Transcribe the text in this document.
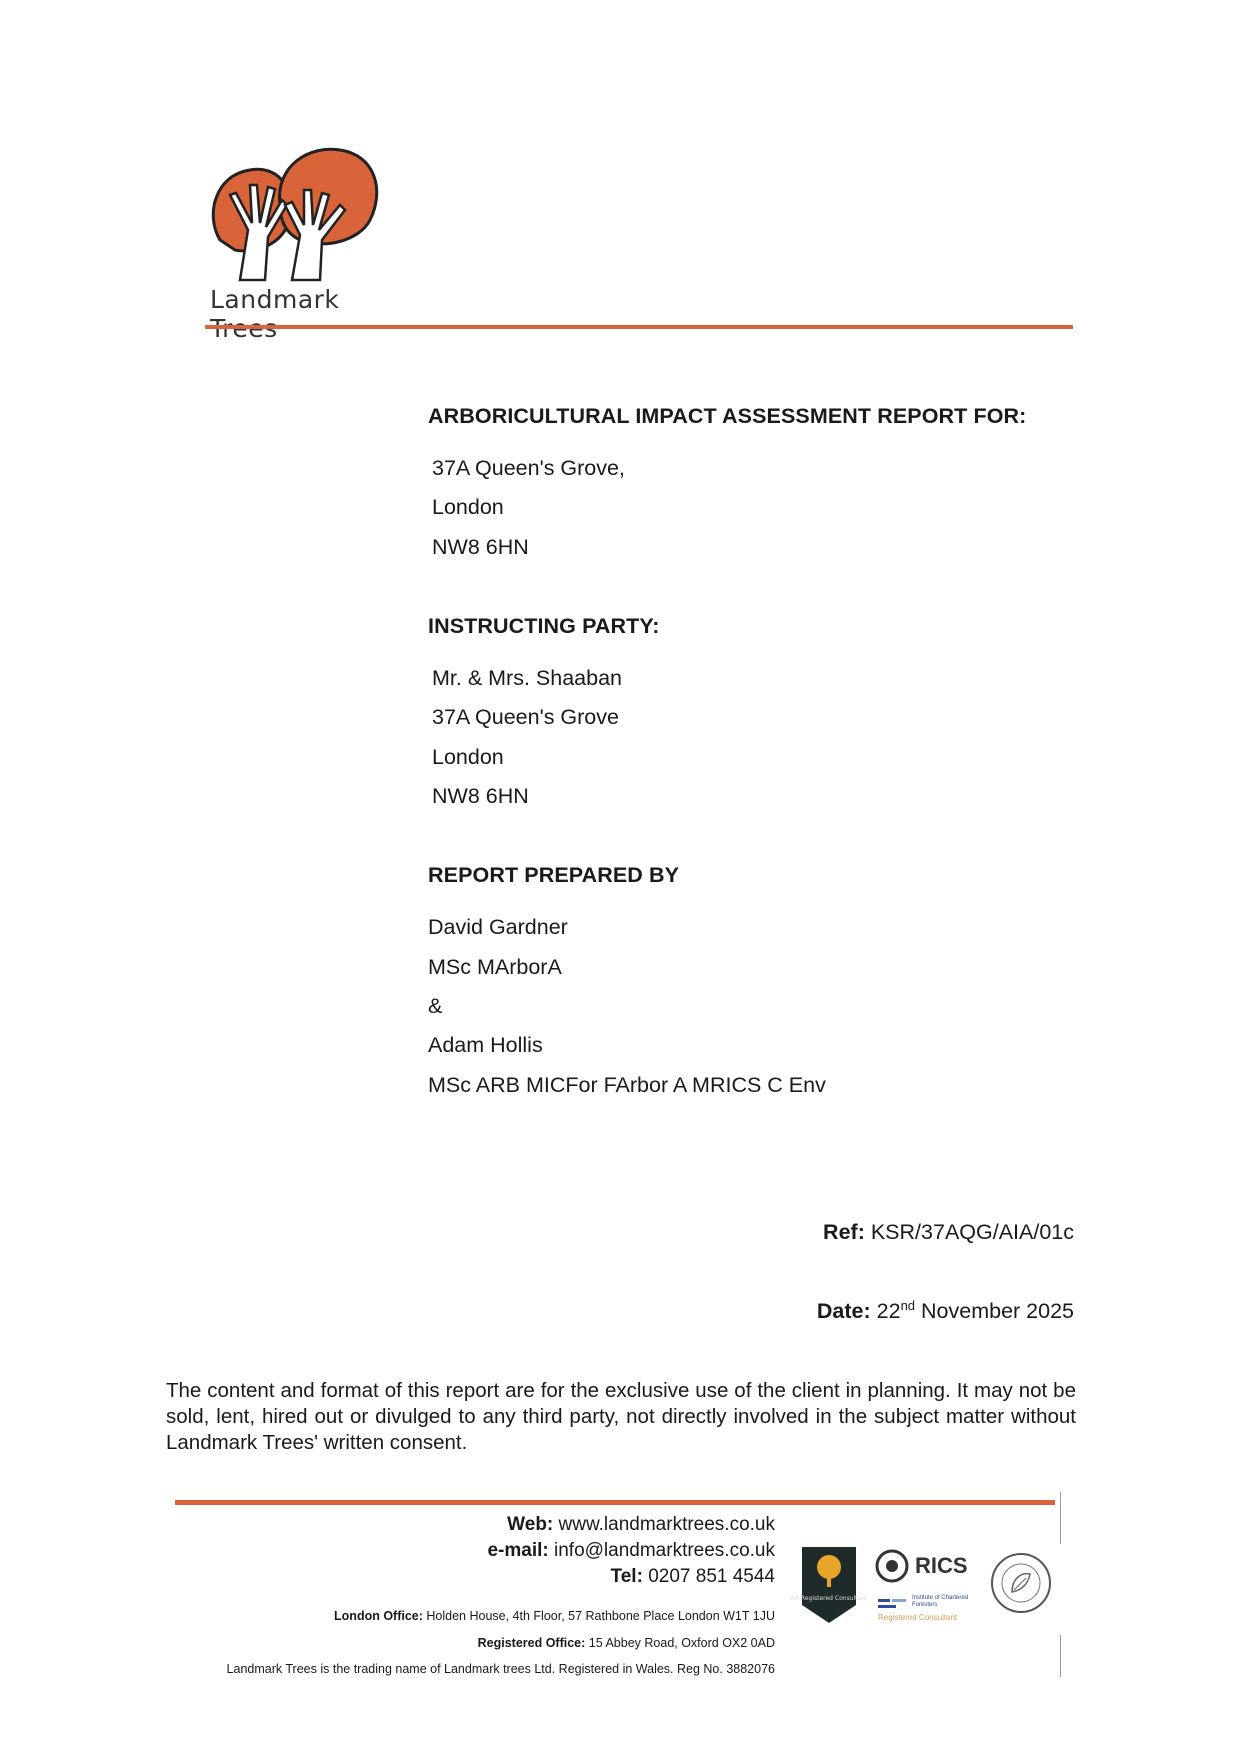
Landmark
ARBORICULTURAL IMPACT ASSESSMENT REPORT FOR:
37A Queen's Grove,
London
NW8 6HN
INSTRUCTING PARTY:
Mr. & Mrs. Shaaban
37A Queen's Grove
London
NW8 6HN
REPORT PREPARED BY
David Gardner
MSc MArborA
&
Adam Hollis
MSc ARB MICFor FArbor A MRICS C Env
Ref: KSR/37AQG/AIA/01c
Date: 22nd November 2025
The content and format of this report are for the exclusive use of the client in planning. It may not be sold, lent, hired out or divulged to any third party, not directly involved in the subject matter without Landmark Trees' written consent.
Web: www.landmarktrees.co.uk
e-mail: info@landmarktrees.co.uk
Tel: 0207 851 4544
London Office: Holden House, 4th Floor, 57 Rathbone Place London W1T 1JU
Registered Office: 15 Abbey Road, Oxford OX2 0AD
Landmark Trees is the trading name of Landmark trees Ltd. Registered in Wales. Reg No. 3882076
AA Registered Consultant
RICS
Institute of Chartered Foresters
Registered Consultant
